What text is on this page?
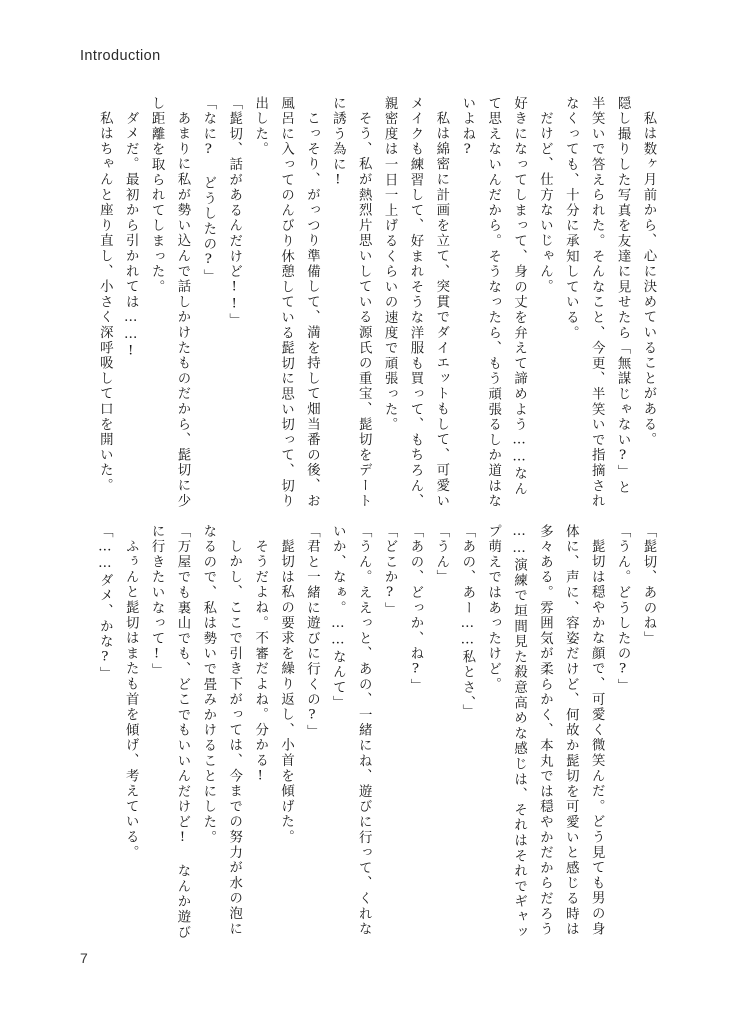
Introduction
私は数ヶ月前から、心に決めていることがある。
隠し撮りした写真を友達に見せたら「無謀じゃない?」と
半笑いで答えられた。そんなこと、今更、半笑いで指摘され
なくっても、十分に承知している。
だけど、仕方ないじゃん。
好きになってしまって、身の丈を弁えて諦めよう……なん
て思えないんだから。そうなったら、もう頑張るしか道はな
いよね?
私は綿密に計画を立て、突貫でダイエットもして、可愛い
メイクも練習して、好まれそうな洋服も買って、もちろん、
親密度は一日一上げるくらいの速度で頑張った。
そう、私が熱烈片思いしている源氏の重宝、髭切をデート
に誘う為に!
こっそり、がっつり準備して、満を持して畑当番の後、お
風呂に入ってのんびり休憩している髭切に思い切って、切り
出した。
「髭切、話があるんだけど!!」
「なに? どうしたの?」
あまりに私が勢い込んで話しかけたものだから、髭切に少
し距離を取られてしまった。
ダメだ。最初から引かれては……!
私はちゃんと座り直し、小さく深呼吸して口を開いた。
「髭切、あのね」
「うん。どうしたの?」
髭切は穏やかな顔で、可愛く微笑んだ。どう見ても男の身
体に、声に、容姿だけど、何故か髭切を可愛いと感じる時は
多々ある。雰囲気が柔らかく、本丸では穏やかだからだろう
……演練で垣間見た殺意高めな感じは、それはそれでギャッ
プ萌えではあったけど。
「あの、あー……私とさ、」
「うん」
「あの、どっか、ね?」
「どこか?」
「うん。ええっと、あの、一緒にね、遊びに行って、くれな
いか、なぁ。……なんて」
「君と一緒に遊びに行くの?」
髭切は私の要求を繰り返し、小首を傾げた。
そうだよね。不審だよね。分かる!
しかし、ここで引き下がっては、今までの努力が水の泡に
なるので、私は勢いで畳みかけることにした。
「万屋でも裏山でも、どこでもいいんだけど! なんか遊び
に行きたいなって!」
ふぅんと髭切はまたも首を傾げ、考えている。
「……ダメ、かな?」
7
